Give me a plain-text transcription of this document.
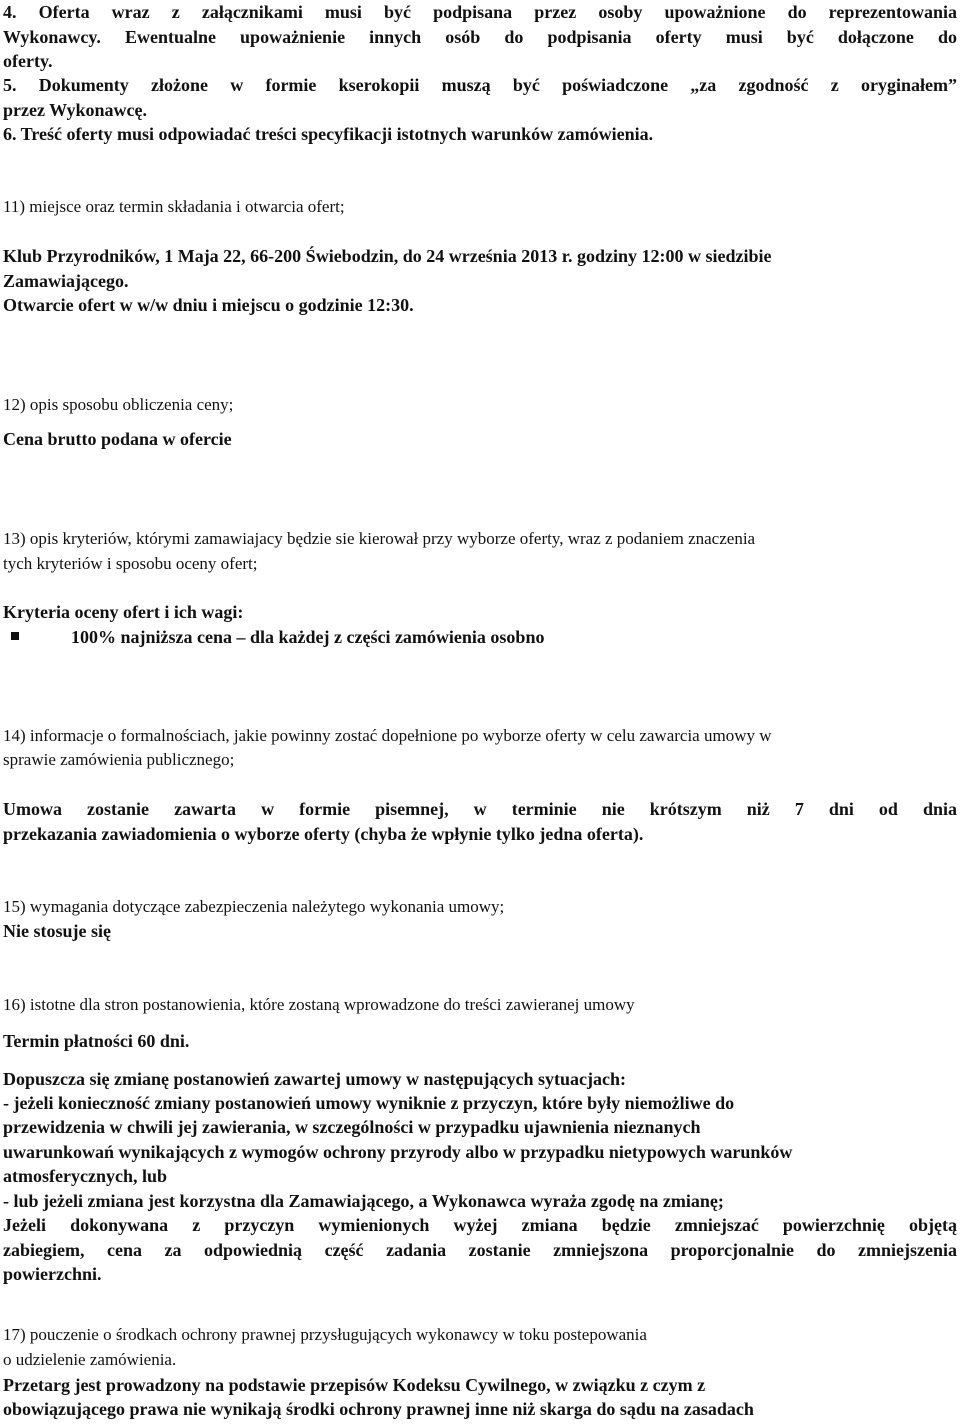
4. Oferta wraz z załącznikami musi być podpisana przez osoby upoważnione do reprezentowania
Wykonawcy. Ewentualne upoważnienie innych osób do podpisania oferty musi być dołączone do
oferty.
5. Dokumenty złożone w formie kserokopii muszą być poświadczone „za zgodność z oryginałem”
przez Wykonawcę.
6. Treść oferty musi odpowiadać treści specyfikacji istotnych warunków zamówienia.
11) miejsce oraz termin składania i otwarcia ofert;
Klub Przyrodników, 1 Maja 22, 66-200 Świebodzin, do 24 września 2013 r. godziny 12:00 w siedzibie
Zamawiającego.
Otwarcie ofert w w/w dniu i miejscu o godzinie 12:30.
12) opis sposobu obliczenia ceny;
Cena brutto podana w ofercie
13) opis kryteriów, którymi zamawiajacy będzie sie kierował przy wyborze oferty, wraz z podaniem znaczenia
tych kryteriów i sposobu oceny ofert;
Kryteria oceny ofert i ich wagi:
100% najniższa cena – dla każdej z części zamówienia osobno
14) informacje o formalnościach, jakie powinny zostać dopełnione po wyborze oferty w celu zawarcia umowy w
sprawie zamówienia publicznego;
Umowa zostanie zawarta w formie pisemnej, w terminie nie krótszym niż 7 dni od dnia
przekazania zawiadomienia o wyborze oferty (chyba że wpłynie tylko jedna oferta).
15) wymagania dotyczące zabezpieczenia należytego wykonania umowy;
Nie stosuje się
16) istotne dla stron postanowienia, które zostaną wprowadzone do treści zawieranej umowy
Termin płatności 60 dni.
Dopuszcza się zmianę postanowień zawartej umowy w następujących sytuacjach:
- jeżeli konieczność zmiany postanowień umowy wyniknie z przyczyn, które były niemożliwe do
przewidzenia w chwili jej zawierania, w szczególności w przypadku ujawnienia nieznanych
uwarunkowań wynikających z wymogów ochrony przyrody albo w przypadku nietypowych warunków
atmosferycznych, lub
- lub jeżeli zmiana jest korzystna dla Zamawiającego, a Wykonawca wyraża zgodę na zmianę;
Jeżeli dokonywana z przyczyn wymienionych wyżej zmiana będzie zmniejszać powierzchnię objętą
zabiegiem, cena za odpowiednią część zadania zostanie zmniejszona proporcjonalnie do zmniejszenia
powierzchni.
17) pouczenie o środkach ochrony prawnej przysługujących wykonawcy w toku postepowania
o udzielenie zamówienia.
Przetarg jest prowadzony na podstawie przepisów Kodeksu Cywilnego, w związku z czym z
obowiązującego prawa nie wynikają środki ochrony prawnej inne niż skarga do sądu na zasadach
